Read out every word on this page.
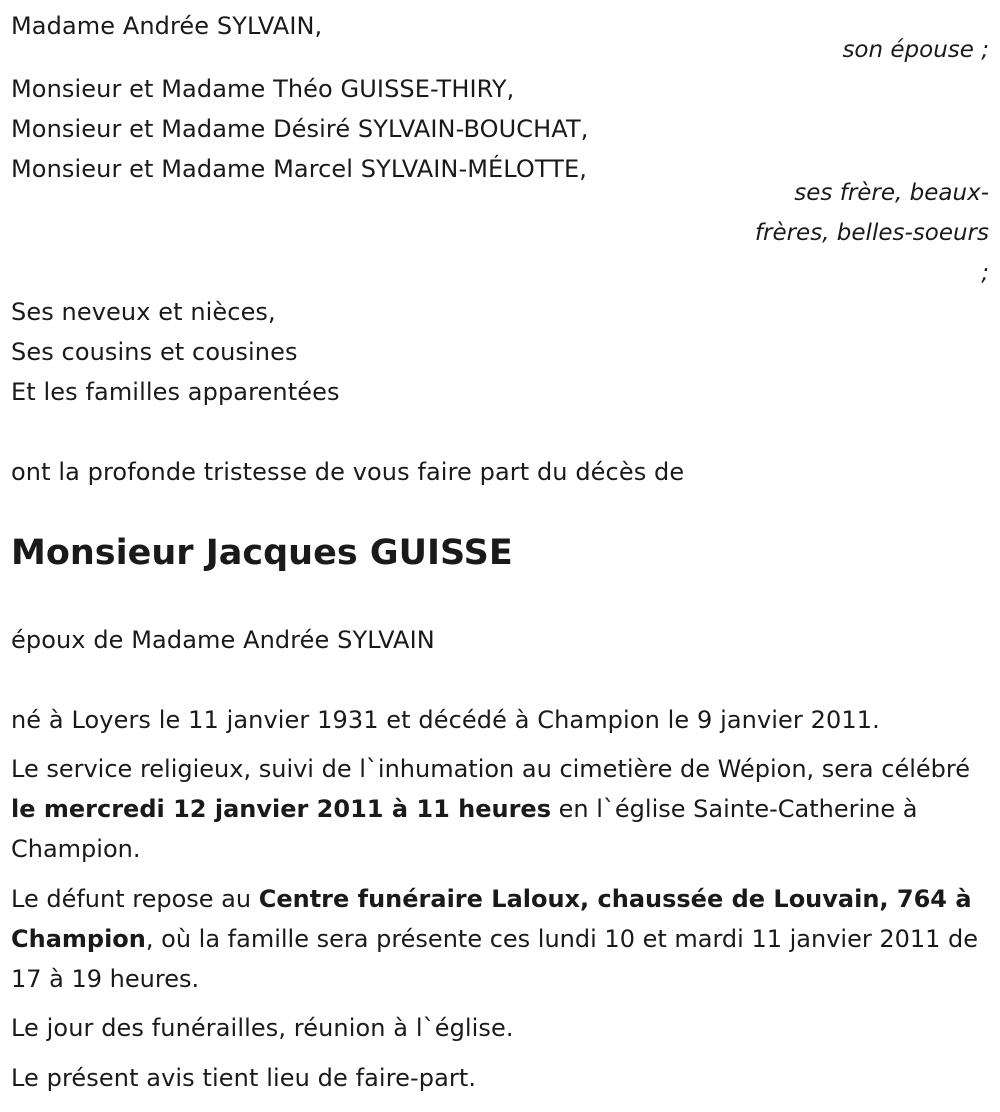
Madame Andrée SYLVAIN,
son épouse ;
Monsieur et Madame Théo GUISSE-THIRY,
Monsieur et Madame Désiré SYLVAIN-BOUCHAT,
Monsieur et Madame Marcel SYLVAIN-MÉLOTTE,
ses frère, beaux-
frères, belles-soeurs
;
Ses neveux et nièces,
Ses cousins et cousines
Et les familles apparentées
ont la profonde tristesse de vous faire part du décès de
Monsieur Jacques GUISSE
époux de Madame Andrée SYLVAIN
né à Loyers le 11 janvier 1931 et décédé à Champion le 9 janvier 2011.
Le service religieux, suivi de l`inhumation au cimetière de Wépion, sera célébré le mercredi 12 janvier 2011 à 11 heures en l`église Sainte-Catherine à Champion.
Le défunt repose au Centre funéraire Laloux, chaussée de Louvain, 764 à Champion, où la famille sera présente ces lundi 10 et mardi 11 janvier 2011 de 17 à 19 heures.
Le jour des funérailles, réunion à l`église.
Le présent avis tient lieu de faire-part.
